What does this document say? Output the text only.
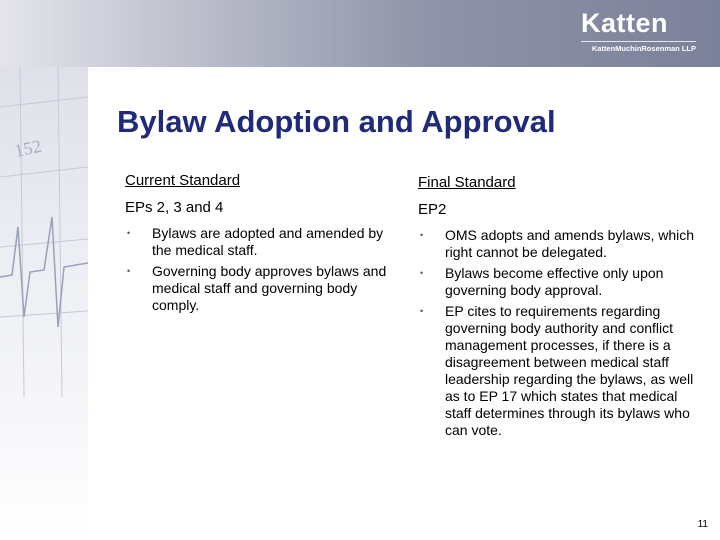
Katten
KattenMuchinRosenman LLP
152
Bylaw Adoption and Approval
Current Standard
EPs 2, 3 and 4
• Bylaws are adopted and amended by the medical staff.
• Governing body approves bylaws and medical staff and governing body comply.
Final Standard
EP2
• OMS adopts and amends bylaws, which right cannot be delegated.
• Bylaws become effective only upon governing body approval.
• EP cites to requirements regarding governing body authority and conflict management processes, if there is a disagreement between medical staff leadership regarding the bylaws, as well as to EP 17 which states that medical staff determines through its bylaws who can vote.
11
